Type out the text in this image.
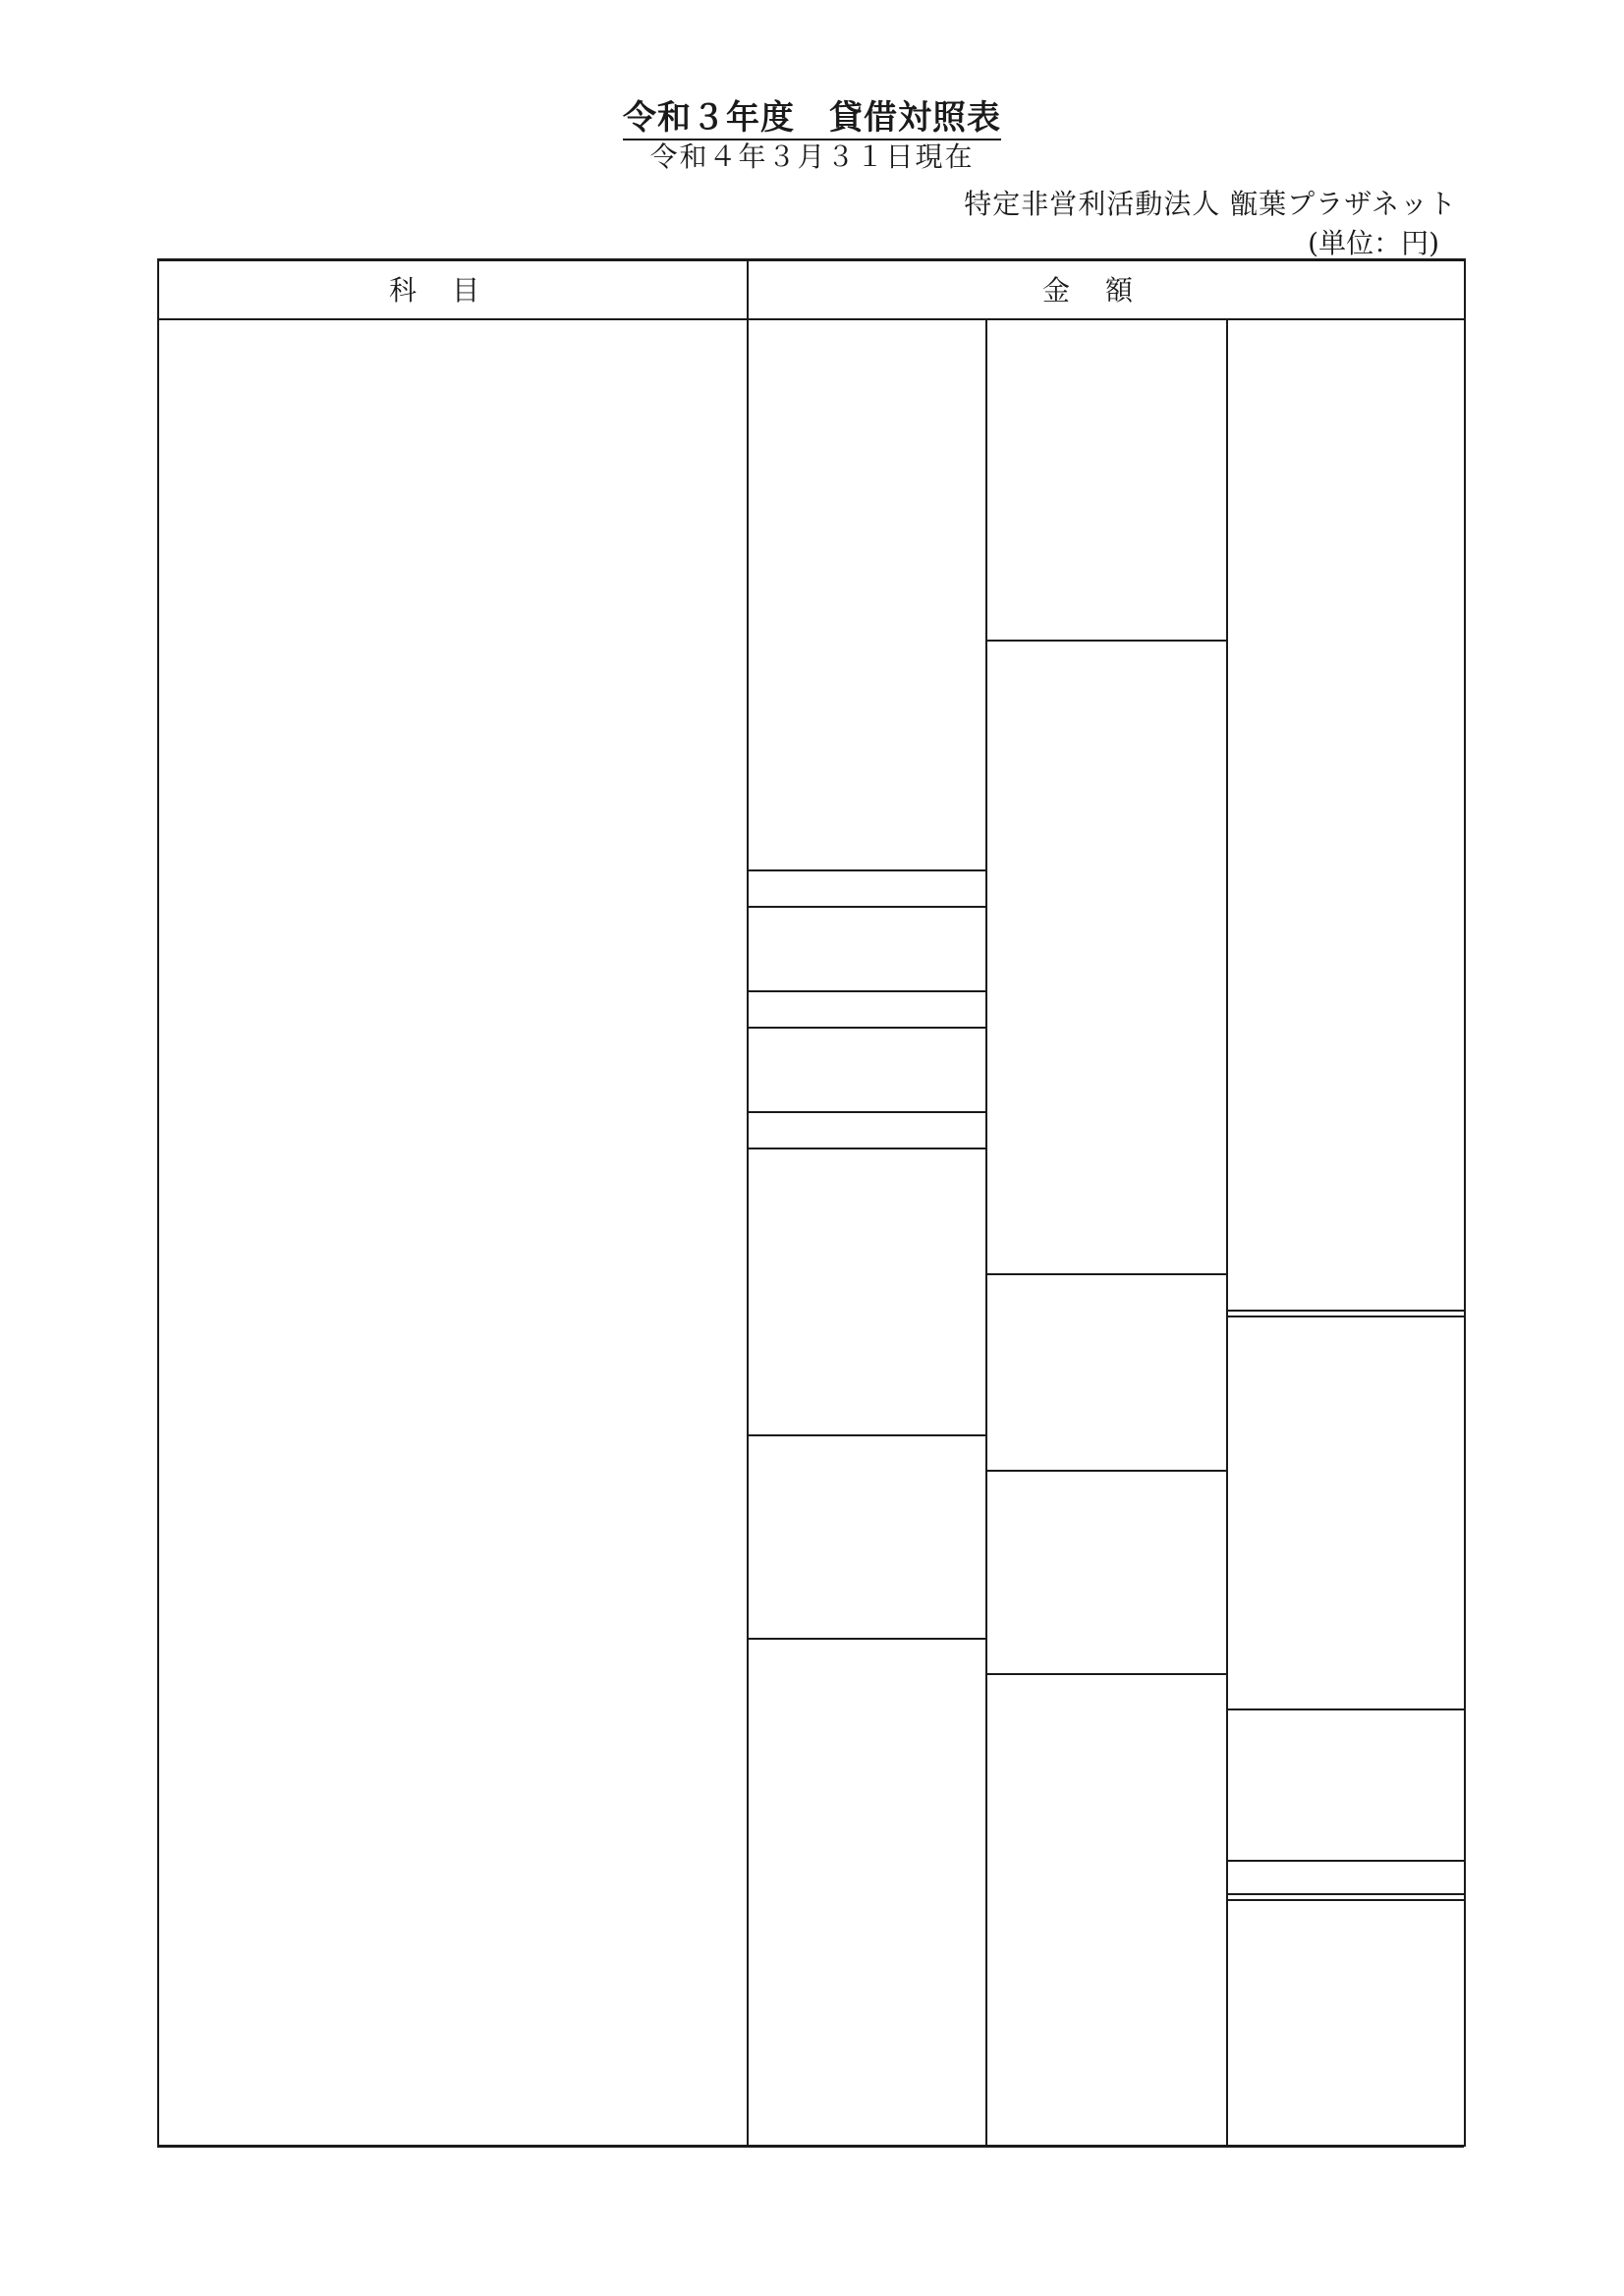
令和３年度　貸借対照表
令和４年３月３１日現在
特定非営利活動法人 甑葉プラザネット
(単位：円)
科目	金額
